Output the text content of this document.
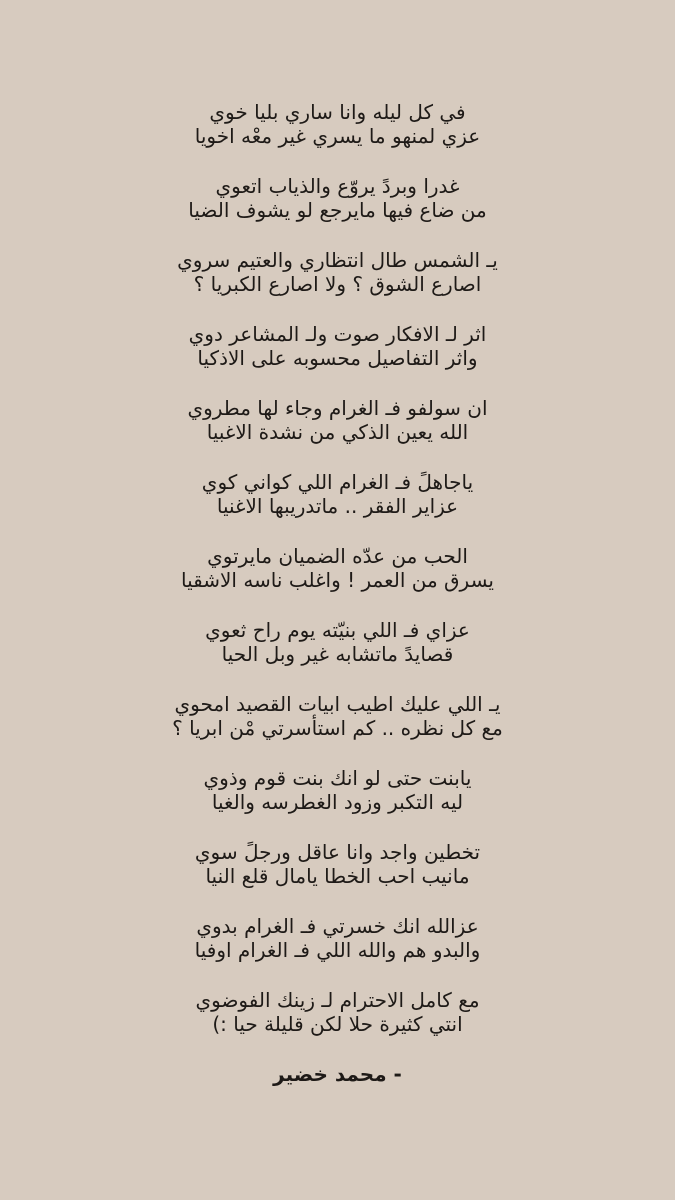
في كل ليله وانا ساري بليا خوي
عزي لمنهو ما يسري غير معْه اخويا
غدرا وبردً يروّع والذياب اتعوي
من ضاع فيها مايرجع لو يشوف الضيا
يـ الشمس طال انتظاري والعتيم سروي
اصارع الشوق ؟ ولا اصارع الكبريا ؟
اثر لـ الافكار صوت ولـ المشاعر دوي
واثر التفاصيل محسوبه على الاذكيا
ان سولفو فـ الغرام وجاء لها مطروي
الله يعين الذكي من نشدة الاغبيا
ياجاهلً فـ الغرام اللي كواني كوي
عزاير الفقر .. ماتدريبها الاغنيا
الحب من عدّه الضميان مايرتوي
يسرق من العمر ! واغلب ناسه الاشقيا
عزاي فـ اللي بنيّته يوم راح ثعوي
قصايدً ماتشابه غير وبل الحيا
يـ اللي عليك اطيب ابيات القصيد امحوي
مع كل نظره .. كم استأسرتي مْن ابريا ؟
يابنت حتى لو انك بنت قوم وذوي
ليه التكبر وزود الغطرسه والغيا
تخطين واجد وانا عاقل ورجلً سوي
مانيب احب الخطا يامال قلع النيا
عزالله انك خسرتي فـ الغرام بدوي
والبدو هم والله اللي فـ الغرام اوفيا
مع كامل الاحترام لـ زينك الفوضوي
انتي كثيرة حلا لكن قليلة حيا :)
- محمد خضير
